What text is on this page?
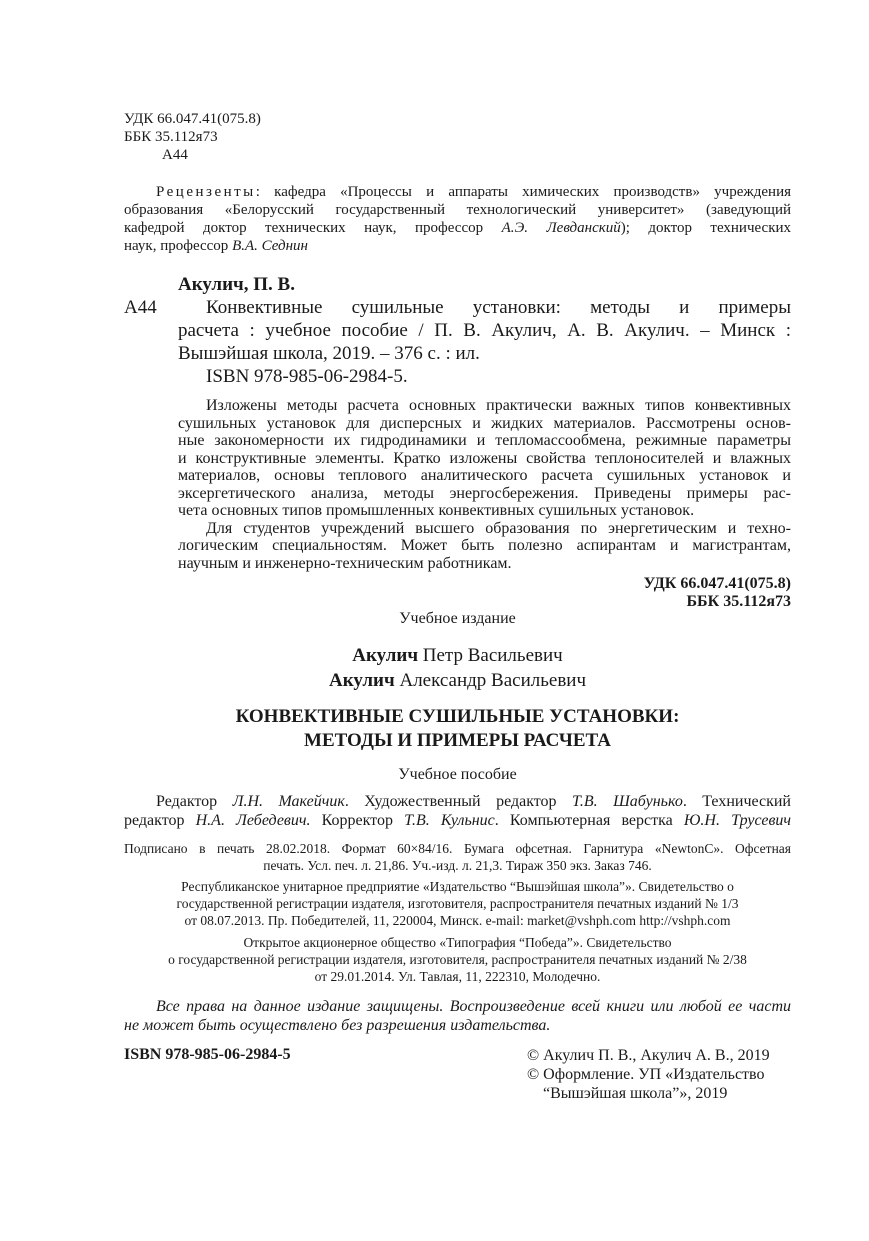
УДК 66.047.41(075.8)
ББК 35.112я73
А44
Рецензенты: кафедра «Процессы и аппараты химических производств» учреждения
образования «Белорусский государственный технологический университет» (заведующий
кафедрой доктор технических наук, профессор А.Э. Левданский); доктор технических
наук, профессор В.А. Седнин
Акулич, П. В.
А44	Конвективные сушильные установки: методы и примеры
расчета : учебное пособие / П. В. Акулич, А. В. Акулич. – Минск :
Вышэйшая школа, 2019. – 376 с. : ил.
ISBN 978-985-06-2984-5.
Изложены методы расчета основных практически важных типов конвективных
сушильных установок для дисперсных и жидких материалов. Рассмотрены основ-
ные закономерности их гидродинамики и тепломассообмена, режимные параметры
и конструктивные элементы. Кратко изложены свойства теплоносителей и влажных
материалов, основы теплового аналитического расчета сушильных установок и
эксергетического анализа, методы энергосбережения. Приведены примеры рас-
чета основных типов промышленных конвективных сушильных установок.
Для студентов учреждений высшего образования по энергетическим и техно-
логическим специальностям. Может быть полезно аспирантам и магистрантам,
научным и инженерно-техническим работникам.
УДК 66.047.41(075.8)
ББК 35.112я73
Учебное издание
Акулич Петр Васильевич
Акулич Александр Васильевич
КОНВЕКТИВНЫЕ СУШИЛЬНЫЕ УСТАНОВКИ:
МЕТОДЫ И ПРИМЕРЫ РАСЧЕТА
Учебное пособие
Редактор Л.Н. Макейчик. Художественный редактор Т.В. Шабунько. Технический
редактор Н.А. Лебедевич. Корректор Т.В. Кульнис. Компьютерная верстка Ю.Н. Трусевич
Подписано в печать 28.02.2018. Формат 60×84/16. Бумага офсетная. Гарнитура «NewtonC». Офсетная
печать. Усл. печ. л. 21,86. Уч.-изд. л. 21,3. Тираж 350 экз. Заказ 746.
Республиканское унитарное предприятие «Издательство “Вышэйшая школа”». Свидетельство о
государственной регистрации издателя, изготовителя, распространителя печатных изданий № 1/3
от 08.07.2013. Пр. Победителей, 11, 220004, Минск. e-mail: market@vshph.com http://vshph.com
Открытое акционерное общество «Типография “Победа”». Свидетельство
о государственной регистрации издателя, изготовителя, распространителя печатных изданий № 2/38
от 29.01.2014. Ул. Тавлая, 11, 222310, Молодечно.
Все права на данное издание защищены. Воспроизведение всей книги или любой ее части
не может быть осуществлено без разрешения издательства.
ISBN 978-985-06-2984-5	© Акулич П. В., Акулич А. В., 2019
© Оформление. УП «Издательство
“Вышэйшая школа”», 2019
